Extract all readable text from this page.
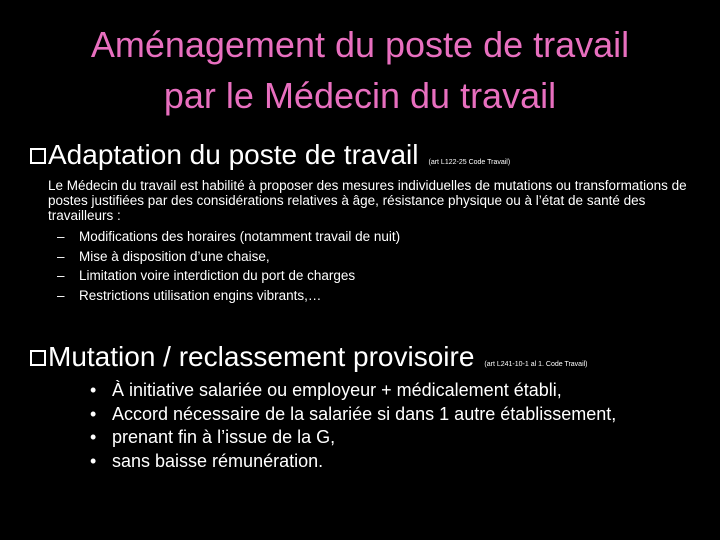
Aménagement du poste de travail
par le Médecin du travail
Adaptation du poste de travail (art L122-25 Code Travail)
Le Médecin du travail est habilité à proposer des mesures individuelles de mutations ou transformations de postes justifiées par des considérations relatives à âge, résistance physique ou à l’état de santé des travailleurs :
–	Modifications des horaires (notamment travail de nuit)
–	Mise à disposition d’une chaise,
–	Limitation voire interdiction du port de charges
–	Restrictions utilisation engins vibrants,…
Mutation / reclassement provisoire (art L241-10-1 al 1. Code Travail)
• À initiative salariée ou employeur + médicalement établi,
• Accord nécessaire de la salariée si dans 1 autre établissement,
• prenant fin à l’issue de la G,
• sans baisse rémunération.
